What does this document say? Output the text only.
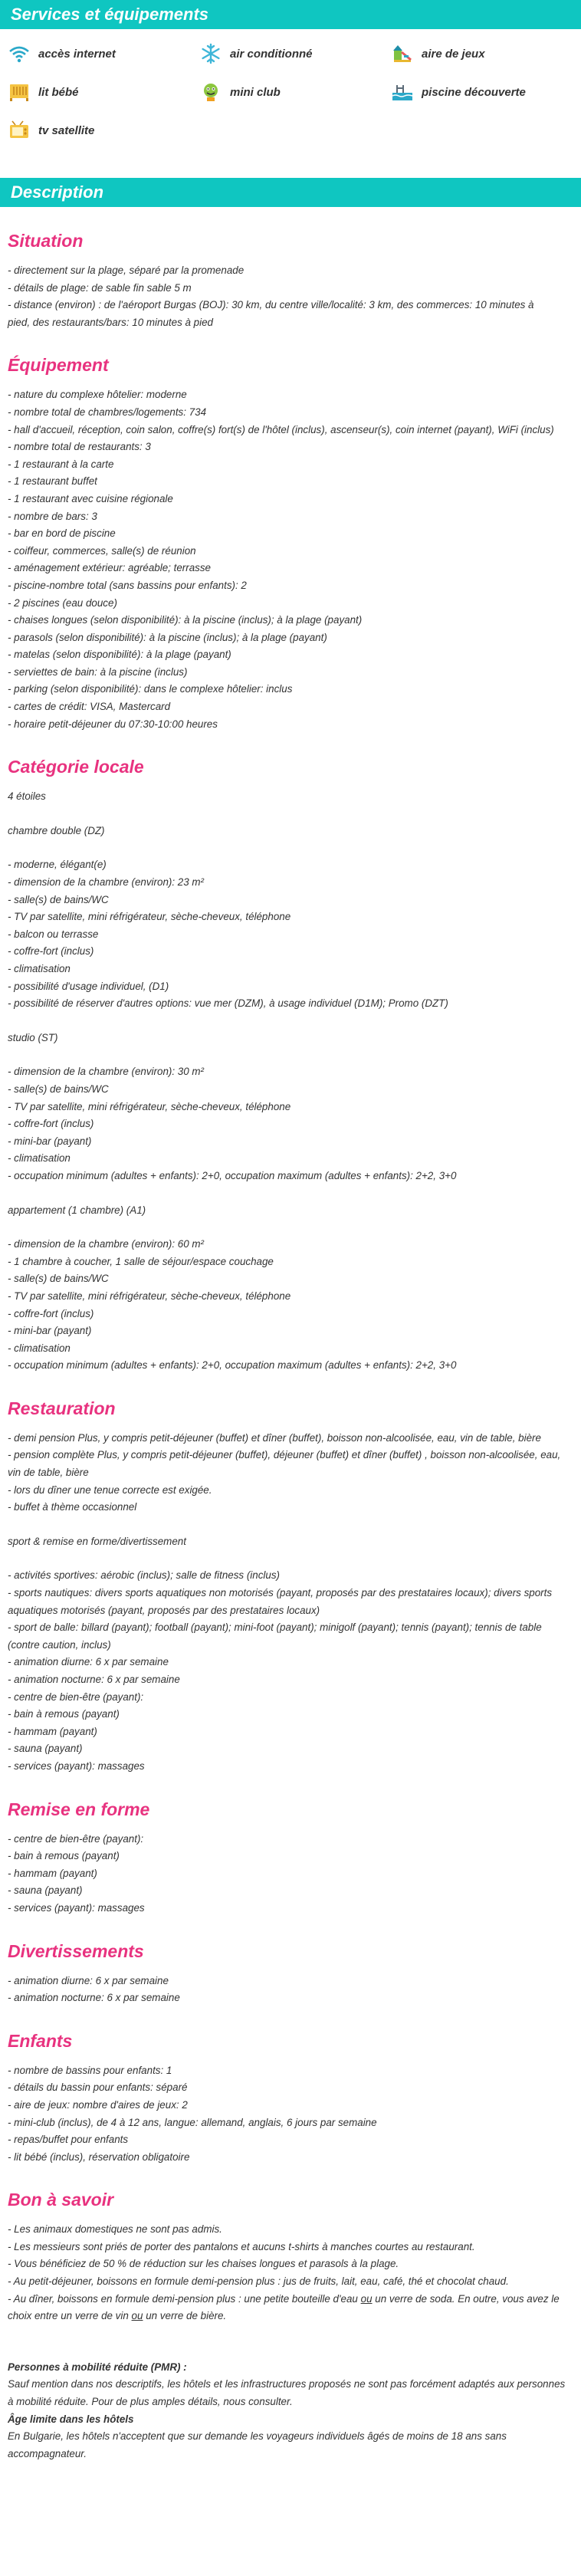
Services et équipements
accès internet	air conditionné	aire de jeux
lit bébé	mini club	piscine découverte
tv satellite
Description
Situation

- directement sur la plage, séparé par la promenade

- détails de plage: de sable fin sable 5 m

- distance (environ) : de l'aéroport Burgas (BOJ): 30 km, du centre ville/localité: 3 km, des commerces: 10 minutes à

pied, des restaurants/bars: 10 minutes à pied

Équipement

- nature du complexe hôtelier: moderne

- nombre total de chambres/logements: 734

- hall d'accueil, réception, coin salon, coffre(s) fort(s) de l'hôtel (inclus), ascenseur(s), coin internet (payant), WiFi (inclus)

- nombre total de restaurants: 3

- 1 restaurant à la carte

- 1 restaurant buffet

- 1 restaurant avec cuisine régionale

- nombre de bars: 3

- bar en bord de piscine

- coiffeur, commerces, salle(s) de réunion

- aménagement extérieur: agréable; terrasse

- piscine-nombre total (sans bassins pour enfants): 2

- 2 piscines (eau douce)

- chaises longues (selon disponibilité): à la piscine (inclus); à la plage (payant)

- parasols (selon disponibilité): à la piscine (inclus); à la plage (payant)

- matelas (selon disponibilité): à la plage (payant)

- serviettes de bain: à la piscine (inclus)

- parking (selon disponibilité): dans le complexe hôtelier: inclus

- cartes de crédit: VISA, Mastercard

- horaire petit-déjeuner du 07:30-10:00 heures

Catégorie locale

4 étoiles

chambre double (DZ)

- moderne, élégant(e)

- dimension de la chambre (environ): 23 m²

- salle(s) de bains/WC

- TV par satellite, mini réfrigérateur, sèche-cheveux, téléphone

- balcon ou terrasse

- coffre-fort (inclus)

- climatisation

- possibilité d'usage individuel, (D1)

- possibilité de réserver d'autres options: vue mer (DZM), à usage individuel (D1M); Promo (DZT)

studio (ST)

- dimension de la chambre (environ): 30 m²

- salle(s) de bains/WC

- TV par satellite, mini réfrigérateur, sèche-cheveux, téléphone

- coffre-fort (inclus)

- mini-bar (payant)

- climatisation

- occupation minimum (adultes + enfants): 2+0, occupation maximum (adultes + enfants): 2+2, 3+0

appartement (1 chambre) (A1)

- dimension de la chambre (environ): 60 m²

- 1 chambre à coucher, 1 salle de séjour/espace couchage

- salle(s) de bains/WC

- TV par satellite, mini réfrigérateur, sèche-cheveux, téléphone

- coffre-fort (inclus)

- mini-bar (payant)

- climatisation

- occupation minimum (adultes + enfants): 2+0, occupation maximum (adultes + enfants): 2+2, 3+0

Restauration

- demi pension Plus, y compris petit-déjeuner (buffet) et dîner (buffet), boisson non-alcoolisée, eau, vin de table, bière

- pension complète Plus, y compris petit-déjeuner (buffet), déjeuner (buffet) et dîner (buffet) , boisson non-alcoolisée, eau,

vin de table, bière

- lors du dîner une tenue correcte est exigée.

- buffet à thème occasionnel

sport & remise en forme/divertissement

- activités sportives: aérobic (inclus); salle de fitness (inclus)

- sports nautiques: divers sports aquatiques non motorisés (payant, proposés par des prestataires locaux); divers sports

aquatiques motorisés (payant, proposés par des prestataires locaux)

- sport de balle: billard (payant); football (payant); mini-foot (payant); minigolf (payant); tennis (payant); tennis de table

(contre caution, inclus)

- animation diurne: 6 x par semaine

- animation nocturne: 6 x par semaine

- centre de bien-être (payant):

- bain à remous (payant)

- hammam (payant)

- sauna (payant)

- services (payant): massages

Remise en forme

- centre de bien-être (payant):

- bain à remous (payant)

- hammam (payant)

- sauna (payant)

- services (payant): massages

Divertissements

- animation diurne: 6 x par semaine

- animation nocturne: 6 x par semaine

Enfants

- nombre de bassins pour enfants: 1

- détails du bassin pour enfants: séparé

- aire de jeux: nombre d'aires de jeux: 2

- mini-club (inclus), de 4 à 12 ans, langue: allemand, anglais, 6 jours par semaine

- repas/buffet pour enfants

- lit bébé (inclus), réservation obligatoire

Bon à savoir

- Les animaux domestiques ne sont pas admis.

- Les messieurs sont priés de porter des pantalons et aucuns t-shirts à manches courtes au restaurant.

- Vous bénéficiez de 50 % de réduction sur les chaises longues et parasols à la plage.

- Au petit-déjeuner, boissons en formule demi-pension plus : jus de fruits, lait, eau, café, thé et chocolat chaud.

- Au dîner, boissons en formule demi-pension plus : une petite bouteille d'eau ou un verre de soda. En outre, vous avez le

choix entre un verre de vin ou un verre de bière.

Personnes à mobilité réduite (PMR) :

Sauf mention dans nos descriptifs, les hôtels et les infrastructures proposés ne sont pas forcément adaptés aux personnes

à mobilité réduite. Pour de plus amples détails, nous consulter.

Âge limite dans les hôtels

En Bulgarie, les hôtels n'acceptent que sur demande les voyageurs individuels âgés de moins de 18 ans sans

accompagnateur.
